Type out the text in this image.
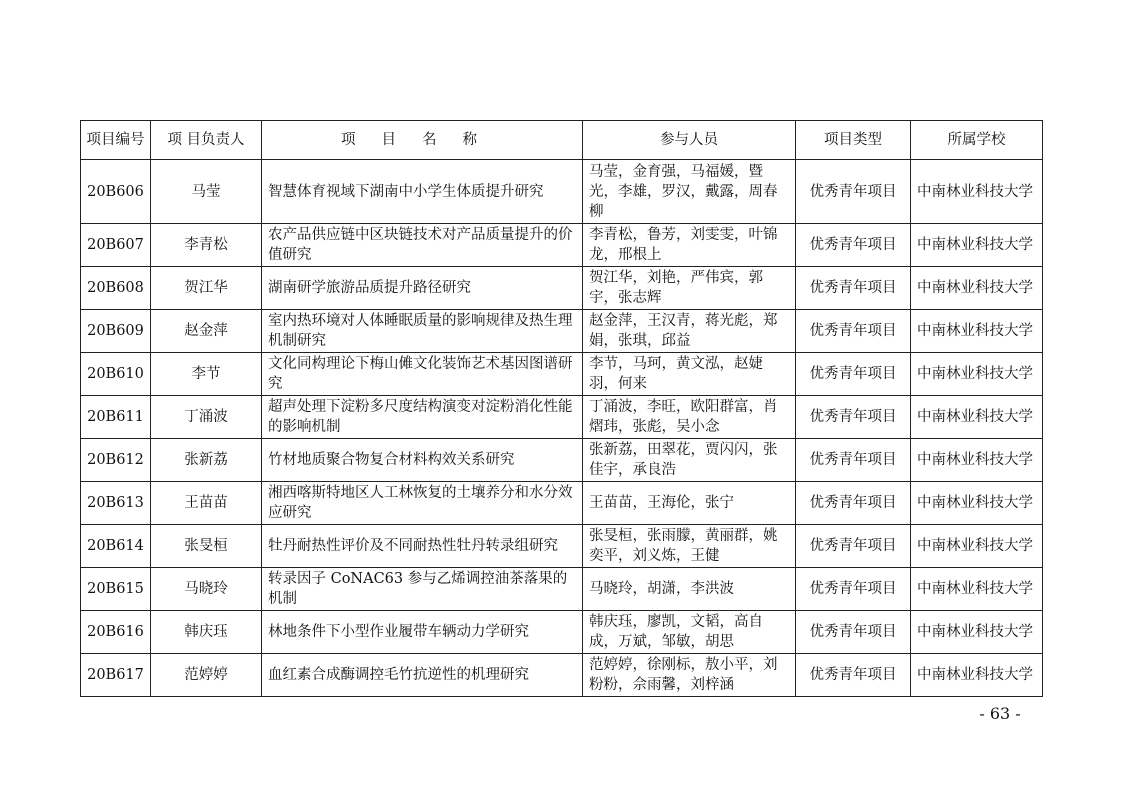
项目编号	项 目负责人	项目名称	参与人员	项目类型	所属学校
20B606	马莹	智慧体育视域下湖南中小学生体质提升研究	马莹，金育强，马福媛，暨光，李雄，罗汉，戴露，周春柳	优秀青年项目	中南林业科技大学
20B607	李青松	农产品供应链中区块链技术对产品质量提升的价值研究	李青松，鲁芳，刘雯雯，叶锦龙，邢根上	优秀青年项目	中南林业科技大学
20B608	贺江华	湖南研学旅游品质提升路径研究	贺江华，刘艳，严伟宾，郭宇，张志辉	优秀青年项目	中南林业科技大学
20B609	赵金萍	室内热环境对人体睡眠质量的影响规律及热生理机制研究	赵金萍，王汉青，蒋光彪，郑娟，张琪，邱益	优秀青年项目	中南林业科技大学
20B610	李节	文化同构理论下梅山傩文化装饰艺术基因图谱研究	李节，马珂，黄文泓，赵婕羽，何来	优秀青年项目	中南林业科技大学
20B611	丁涌波	超声处理下淀粉多尺度结构演变对淀粉消化性能的影响机制	丁涌波，李旺，欧阳群富，肖熠玮，张彪，吴小念	优秀青年项目	中南林业科技大学
20B612	张新荔	竹材地质聚合物复合材料构效关系研究	张新荔，田翠花，贾闪闪，张佳宇，承良浩	优秀青年项目	中南林业科技大学
20B613	王苗苗	湘西喀斯特地区人工林恢复的土壤养分和水分效应研究	王苗苗，王海伦，张宁	优秀青年项目	中南林业科技大学
20B614	张旻桓	牡丹耐热性评价及不同耐热性牡丹转录组研究	张旻桓，张雨朦，黄丽群，姚奕平，刘义炼，王健	优秀青年项目	中南林业科技大学
20B615	马晓玲	转录因子 CoNAC63 参与乙烯调控油茶落果的机制	马晓玲，胡潇，李洪波	优秀青年项目	中南林业科技大学
20B616	韩庆珏	林地条件下小型作业履带车辆动力学研究	韩庆珏，廖凯，文韬，高自成，万斌，邹敏，胡思	优秀青年项目	中南林业科技大学
20B617	范婷婷	血红素合成酶调控毛竹抗逆性的机理研究	范婷婷，徐刚标，敖小平，刘粉粉，佘雨馨，刘梓涵	优秀青年项目	中南林业科技大学
- 63 -
